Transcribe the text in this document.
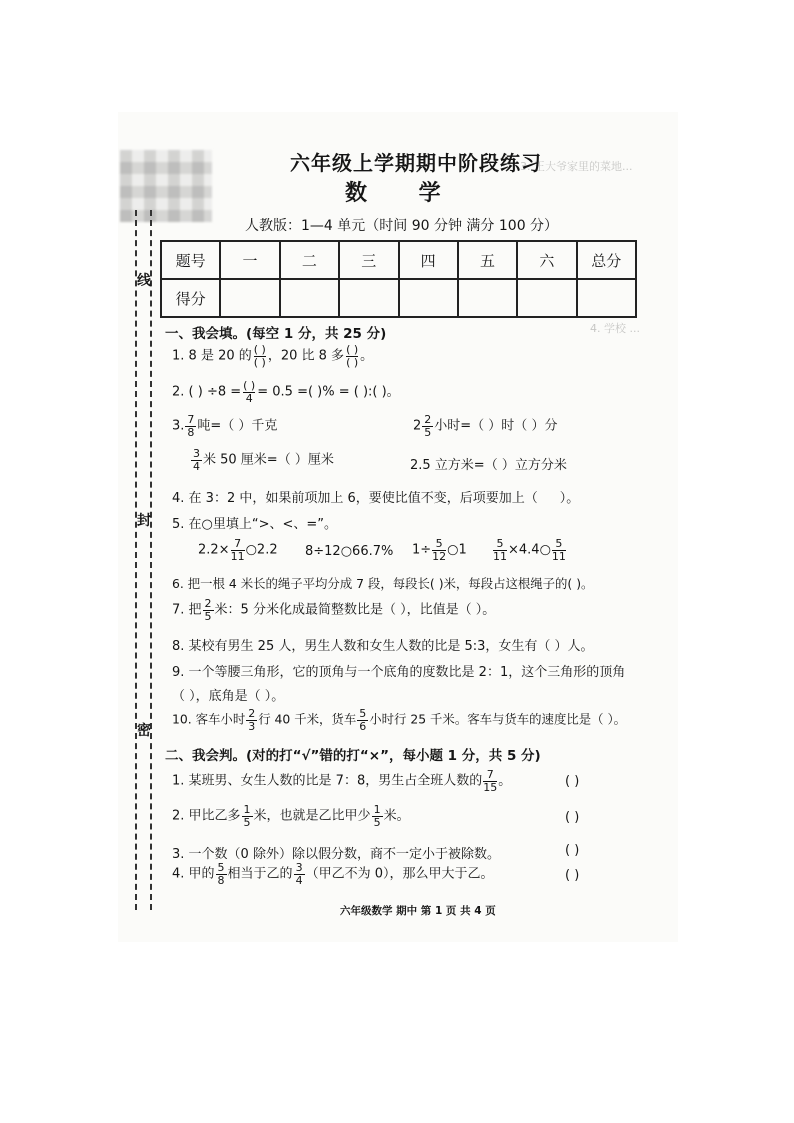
线
封
密
3. 王大爷家里的菜地...
4. 学校 ...
六年级上学期期中阶段练习
数 学
人教版：1—4 单元（时间 90 分钟 满分 100 分）
题号	一	二	三	四	五	六	总分
得分							
一、我会填。(每空 1 分，共 25 分)
1. 8 是 20 的 ( )
( ) ，20 比 8 多 ( )
( ) 。
2. ( ) ÷8 = ( )
4 = 0.5 =( )% = ( ):( )。
3. $\frac{7}{8}$ 吨=（ ）千克	$2 \frac{2}{5}$ 小时=（ ）时（ ）分
$\frac{3}{4}$ 米 50 厘米=（ ）厘米	2.5 立方米=（ ）立方分米
4. 在 3：2 中，如果前项加上 6，要使比值不变，后项要加上（ ）。
5. 在○里填上“>、<、=”。
$2.2\times \frac{7}{11}$ ○2.2 8÷12○66.7% $1\div \frac{5}{12}$ ○1 $\frac{5}{11}$ ×4.4○ $\frac{5}{11}$
6. 把一根 4 米长的绳子平均分成 7 段，每段长( )米，每段占这根绳子的( )。
7. 把 $\frac{2}{5}$ 米：5 分米化成最简整数比是（ ），比值是（ ）。
8. 某校有男生 25 人，男生人数和女生人数的比是 5:3，女生有（ ）人。
9. 一个等腰三角形，它的顶角与一个底角的度数比是 2：1，这个三角形的顶角
（ ），底角是（ ）。
10. 客车小时 $\frac{2}{3}$ 行 40 千米，货车 $\frac{5}{6}$ 小时行 25 千米。客车与货车的速度比是（ ）。
二、我会判。(对的打“√”错的打“×”，每小题 1 分，共 5 分)
1. 某班男、女生人数的比是 7：8，男生占全班人数的 $\frac{7}{15}$ 。	( )
2. 甲比乙多 $\frac{1}{5}$ 米，也就是乙比甲少 $\frac{1}{5}$ 米。	( )
3. 一个数（0 除外）除以假分数，商不一定小于被除数。	( )
4. 甲的 $\frac{5}{8}$ 相当于乙的 $\frac{3}{4}$ （甲乙不为 0），那么甲大于乙。	( )
六年级数学 期中 第 1 页 共 4 页
